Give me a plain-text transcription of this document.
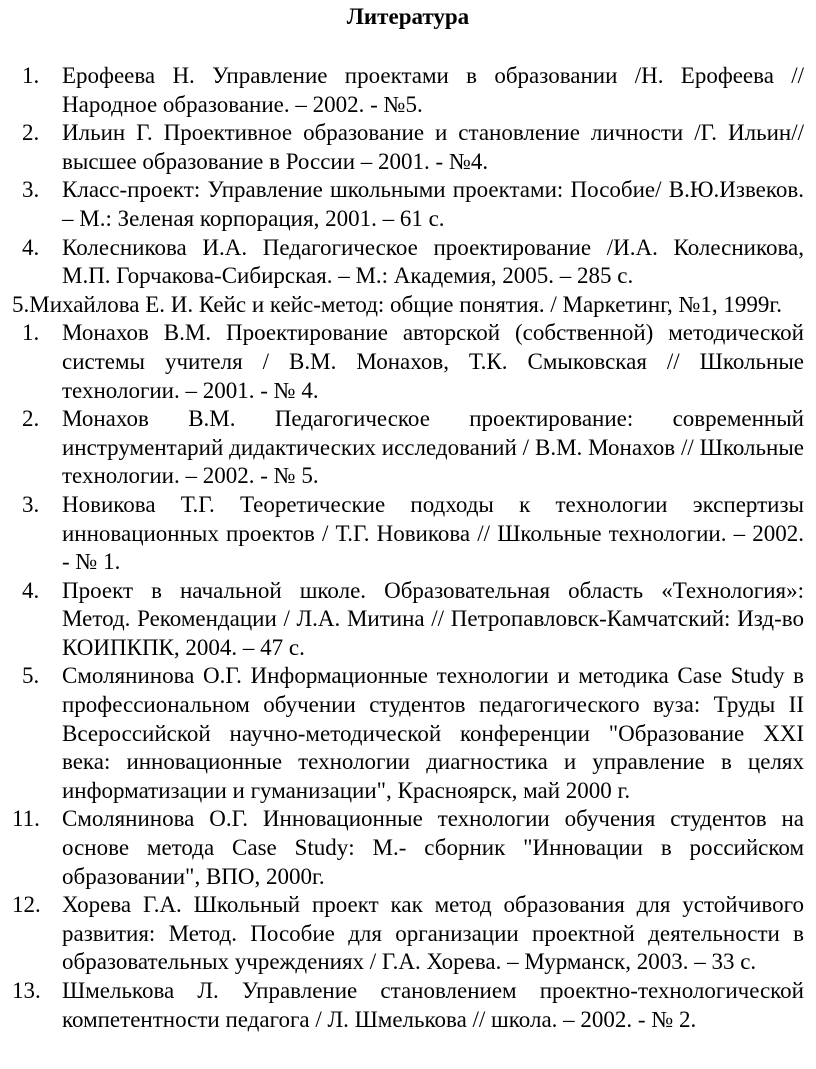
Литература
1. Ерофеева Н. Управление проектами в образовании /Н. Ерофеева // Народное образование. – 2002. - №5.
2. Ильин Г. Проективное образование и становление личности /Г. Ильин// высшее образование в России – 2001. - №4.
3. Класс-проект: Управление школьными проектами: Пособие/ В.Ю.Извеков. – М.: Зеленая корпорация, 2001. – 61 с.
4. Колесникова И.А. Педагогическое проектирование /И.А. Колесникова, М.П. Горчакова-Сибирская. – М.: Академия, 2005. – 285 с.
5.Михайлова Е. И. Кейс и кейс-метод: общие понятия. / Маркетинг, №1, 1999г.
1. Монахов В.М. Проектирование авторской (собственной) методической системы учителя / В.М. Монахов, Т.К. Смыковская // Школьные технологии. – 2001. - № 4.
2. Монахов В.М. Педагогическое проектирование: современный инструментарий дидактических исследований / В.М. Монахов // Школьные технологии. – 2002. - № 5.
3. Новикова Т.Г. Теоретические подходы к технологии экспертизы инновационных проектов / Т.Г. Новикова // Школьные технологии. – 2002. - № 1.
4. Проект в начальной школе. Образовательная область «Технология»: Метод. Рекомендации / Л.А. Митина // Петропавловск-Камчатский: Изд-во КОИПКПК, 2004. – 47 с.
5. Смолянинова О.Г. Информационные технологии и методика Case Study в профессиональном обучении студентов педагогического вуза: Труды II Всероссийской научно-методической конференции "Образование XXI века: инновационные технологии диагностика и управление в целях информатизации и гуманизации", Красноярск, май 2000 г.
11. Смолянинова О.Г. Инновационные технологии обучения студентов на основе метода Case Study: М.- сборник "Инновации в российском образовании", ВПО, 2000г.
12. Хорева Г.А. Школьный проект как метод образования для устойчивого развития: Метод. Пособие для организации проектной деятельности в образовательных учреждениях / Г.А. Хорева. – Мурманск, 2003. – 33 с.
13. Шмелькова Л. Управление становлением проектно-технологической компетентности педагога / Л. Шмелькова // школа. – 2002. - № 2.
